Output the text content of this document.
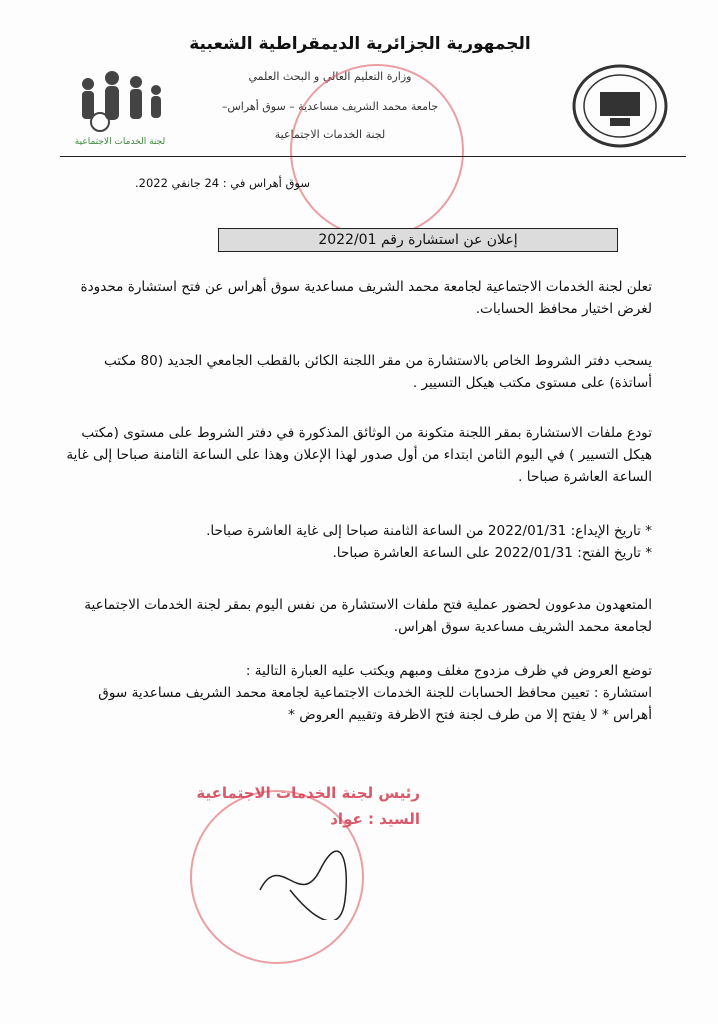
لجنة الخدمات الاجتماعية
الجمهورية الجزائرية الديمقراطية الشعبية
وزارة التعليم العالي و البحث العلمي
جامعة محمد الشريف مساعدية – سوق أهراس–
لجنة الخدمات الاجتماعية
سوق أهراس في : 24 جانفي 2022.
إعلان عن استشارة رقم 2022/01
تعلن لجنة الخدمات الاجتماعية لجامعة محمد الشريف مساعدية سوق أهراس عن فتح استشارة محدودة لغرض اختيار محافظ الحسابات.
يسحب دفتر الشروط الخاص بالاستشارة من مقر اللجنة الكائن بالقطب الجامعي الجديد (80 مكتب أساتذة) على مستوى مكتب هيكل التسيير .
تودع ملفات الاستشارة بمقر اللجنة متكونة من الوثائق المذكورة في دفتر الشروط على مستوى (مكتب هيكل التسيير ) في اليوم الثامن ابتداء من أول صدور لهذا الإعلان وهذا على الساعة الثامنة صباحا إلى غاية الساعة العاشرة صباحا .
* تاريخ الإيداع: 2022/01/31 من الساعة الثامنة صباحا إلى غاية العاشرة صباحا.
* تاريخ الفتح: 2022/01/31 على الساعة العاشرة صباحا.
المتعهدون مدعوون لحضور عملية فتح ملفات الاستشارة من نفس اليوم بمقر لجنة الخدمات الاجتماعية لجامعة محمد الشريف مساعدية سوق اهراس.
توضع العروض في ظرف مزدوج مغلف ومبهم ويكتب عليه العبارة التالية :
استشارة : تعيين محافظ الحسابات للجنة الخدمات الاجتماعية لجامعة محمد الشريف مساعدية سوق أهراس * لا يفتح إلا من طرف لجنة فتح الاظرفة وتقييم العروض *
رئيس لجنة الخدمات الاجتماعية
السيد : عواد
